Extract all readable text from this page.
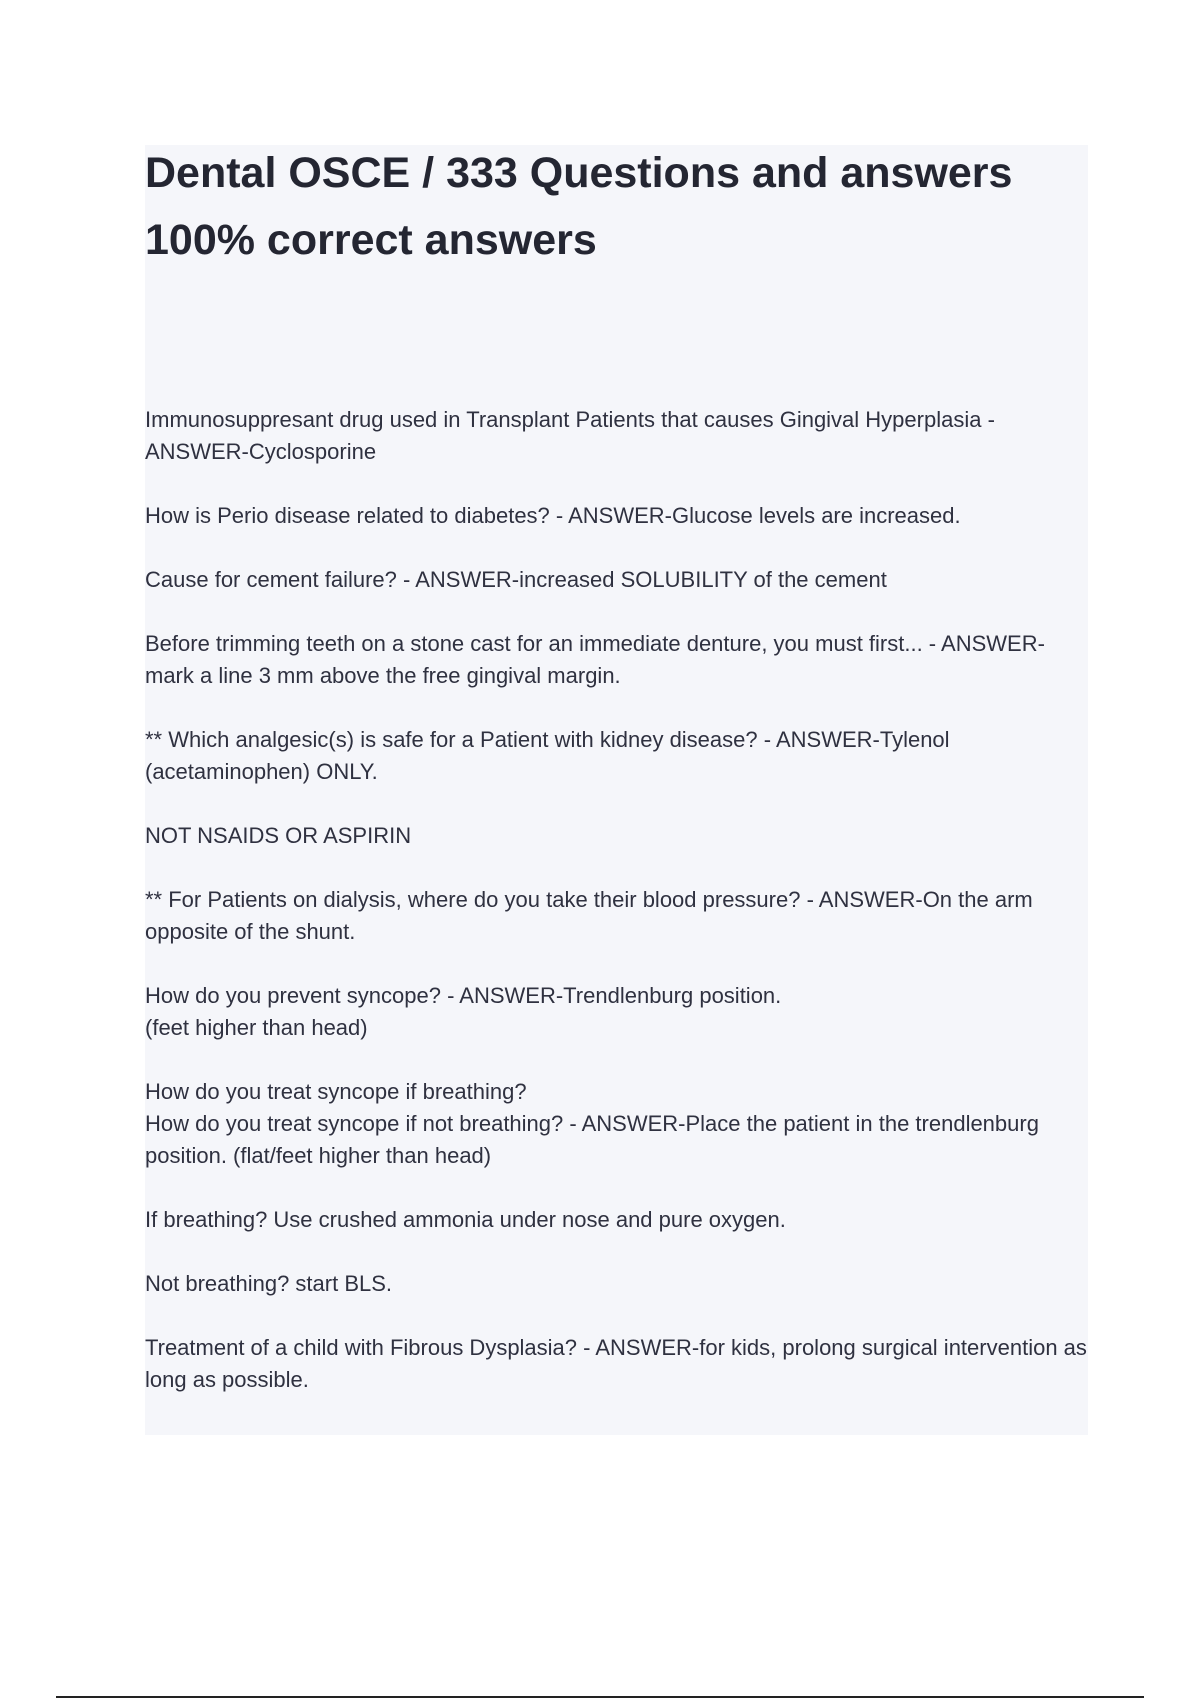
Dental OSCE / 333 Questions and answers 100% correct answers

Immunosuppresant drug used in Transplant Patients that causes Gingival Hyperplasia - ANSWER-Cyclosporine

How is Perio disease related to diabetes? - ANSWER-Glucose levels are increased.

Cause for cement failure? - ANSWER-increased SOLUBILITY of the cement

Before trimming teeth on a stone cast for an immediate denture, you must first... - ANSWER-mark a line 3 mm above the free gingival margin.

** Which analgesic(s) is safe for a Patient with kidney disease? - ANSWER-Tylenol (acetaminophen) ONLY.

NOT NSAIDS OR ASPIRIN

** For Patients on dialysis, where do you take their blood pressure? - ANSWER-On the arm opposite of the shunt.

How do you prevent syncope? - ANSWER-Trendlenburg position.
(feet higher than head)

How do you treat syncope if breathing?
How do you treat syncope if not breathing? - ANSWER-Place the patient in the trendlenburg position. (flat/feet higher than head)

If breathing? Use crushed ammonia under nose and pure oxygen.

Not breathing? start BLS.

Treatment of a child with Fibrous Dysplasia? - ANSWER-for kids, prolong surgical intervention as long as possible.
